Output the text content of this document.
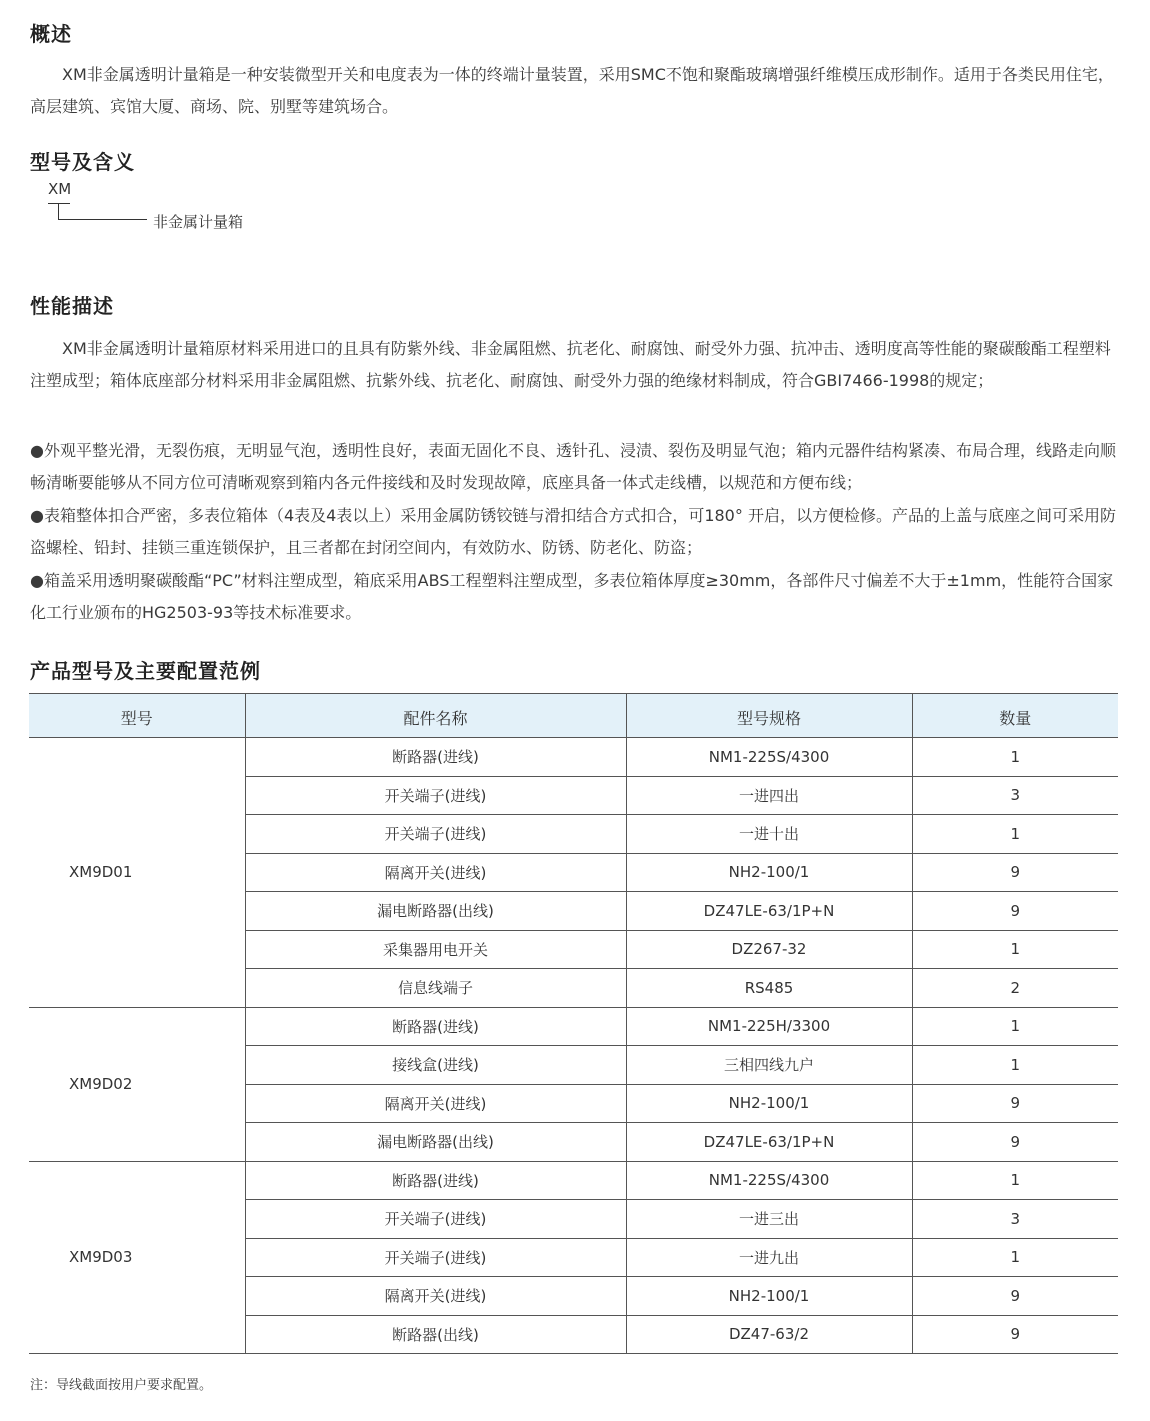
概述

XM非金属透明计量箱是一种安装微型开关和电度表为一体的终端计量装置，采用SMC不饱和聚酯玻璃增强纤维模压成形制作。适用于各类民用住宅，高层建筑、宾馆大厦、商场、院、别墅等建筑场合。

型号及含义
XM
非金属计量箱
性能描述

XM非金属透明计量箱原材料采用进口的且具有防紫外线、非金属阻燃、抗老化、耐腐蚀、耐受外力强、抗冲击、透明度高等性能的聚碳酸酯工程塑料注塑成型；箱体底座部分材料采用非金属阻燃、抗紫外线、抗老化、耐腐蚀、耐受外力强的绝缘材料制成，符合GBI7466-1998的规定；

●外观平整光滑，无裂伤痕，无明显气泡，透明性良好，表面无固化不良、透针孔、浸渍、裂伤及明显气泡；箱内元器件结构紧凑、布局合理，线路走向顺畅清晰要能够从不同方位可清晰观察到箱内各元件接线和及时发现故障，底座具备一体式走线槽，以规范和方便布线；

●表箱整体扣合严密，多表位箱体（4表及4表以上）采用金属防锈铰链与滑扣结合方式扣合，可180° 开启，以方便检修。产品的上盖与底座之间可采用防盗螺栓、铅封、挂锁三重连锁保护，且三者都在封闭空间内，有效防水、防锈、防老化、防盗；

●箱盖采用透明聚碳酸酯“PC”材料注塑成型，箱底采用ABS工程塑料注塑成型，多表位箱体厚度≥30mm，各部件尺寸偏差不大于±1mm，性能符合国家化工行业颁布的HG2503-93等技术标准要求。

产品型号及主要配置范例
型号	配件名称	型号规格	数量
XM9D01	断路器(进线)	NM1-225S/4300	1
	开关端子(进线)	一进四出	3
	开关端子(进线)	一进十出	1
	隔离开关(进线)	NH2-100/1	9
	漏电断路器(出线)	DZ47LE-63/1P+N	9
	采集器用电开关	DZ267-32	1
	信息线端子	RS485	2
XM9D02	断路器(进线)	NM1-225H/3300	1
	接线盒(进线)	三相四线九户	1
	隔离开关(进线)	NH2-100/1	9
	漏电断路器(出线)	DZ47LE-63/1P+N	9
XM9D03	断路器(进线)	NM1-225S/4300	1
	开关端子(进线)	一进三出	3
	开关端子(进线)	一进九出	1
	隔离开关(进线)	NH2-100/1	9
	断路器(出线)	DZ47-63/2	9
注：导线截面按用户要求配置。
